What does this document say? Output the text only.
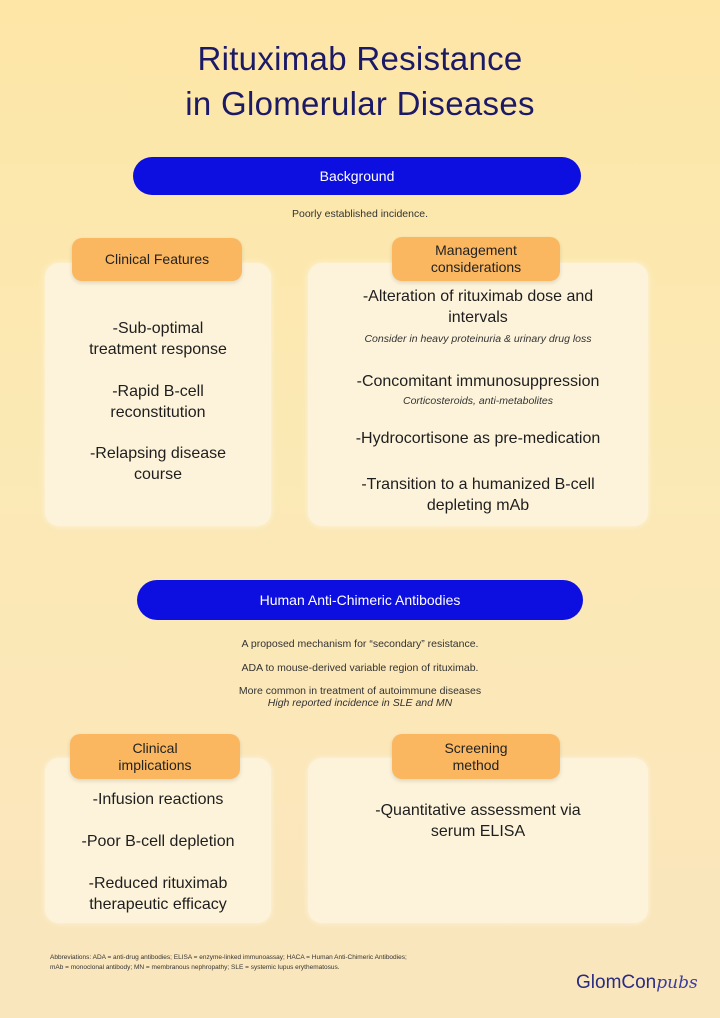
Rituximab Resistance
in Glomerular Diseases
Background
Poorly established incidence.
Clinical Features
-Sub-optimal
treatment response
-Rapid B-cell
reconstitution
-Relapsing disease
course
Management
considerations
-Alteration of rituximab dose and
intervals
Consider in heavy proteinuria & urinary drug loss
-Concomitant immunosuppression
Corticosteroids, anti-metabolites
-Hydrocortisone as pre-medication
-Transition to a humanized B-cell
depleting mAb
Human Anti-Chimeric Antibodies
A proposed mechanism for “secondary” resistance.
ADA to mouse-derived variable region of rituximab.
More common in treatment of autoimmune diseases
High reported incidence in SLE and MN
Clinical
implications
-Infusion reactions
-Poor B-cell depletion
-Reduced rituximab
therapeutic efficacy
Screening
method
-Quantitative assessment via
serum ELISA
Abbreviations: ADA = anti-drug antibodies; ELISA = enzyme-linked immunoassay; HACA = Human Anti-Chimeric Antibodies;
mAb = monoclonal antibody; MN = membranous nephropathy; SLE = systemic lupus erythematosus.
GlomConpubs
